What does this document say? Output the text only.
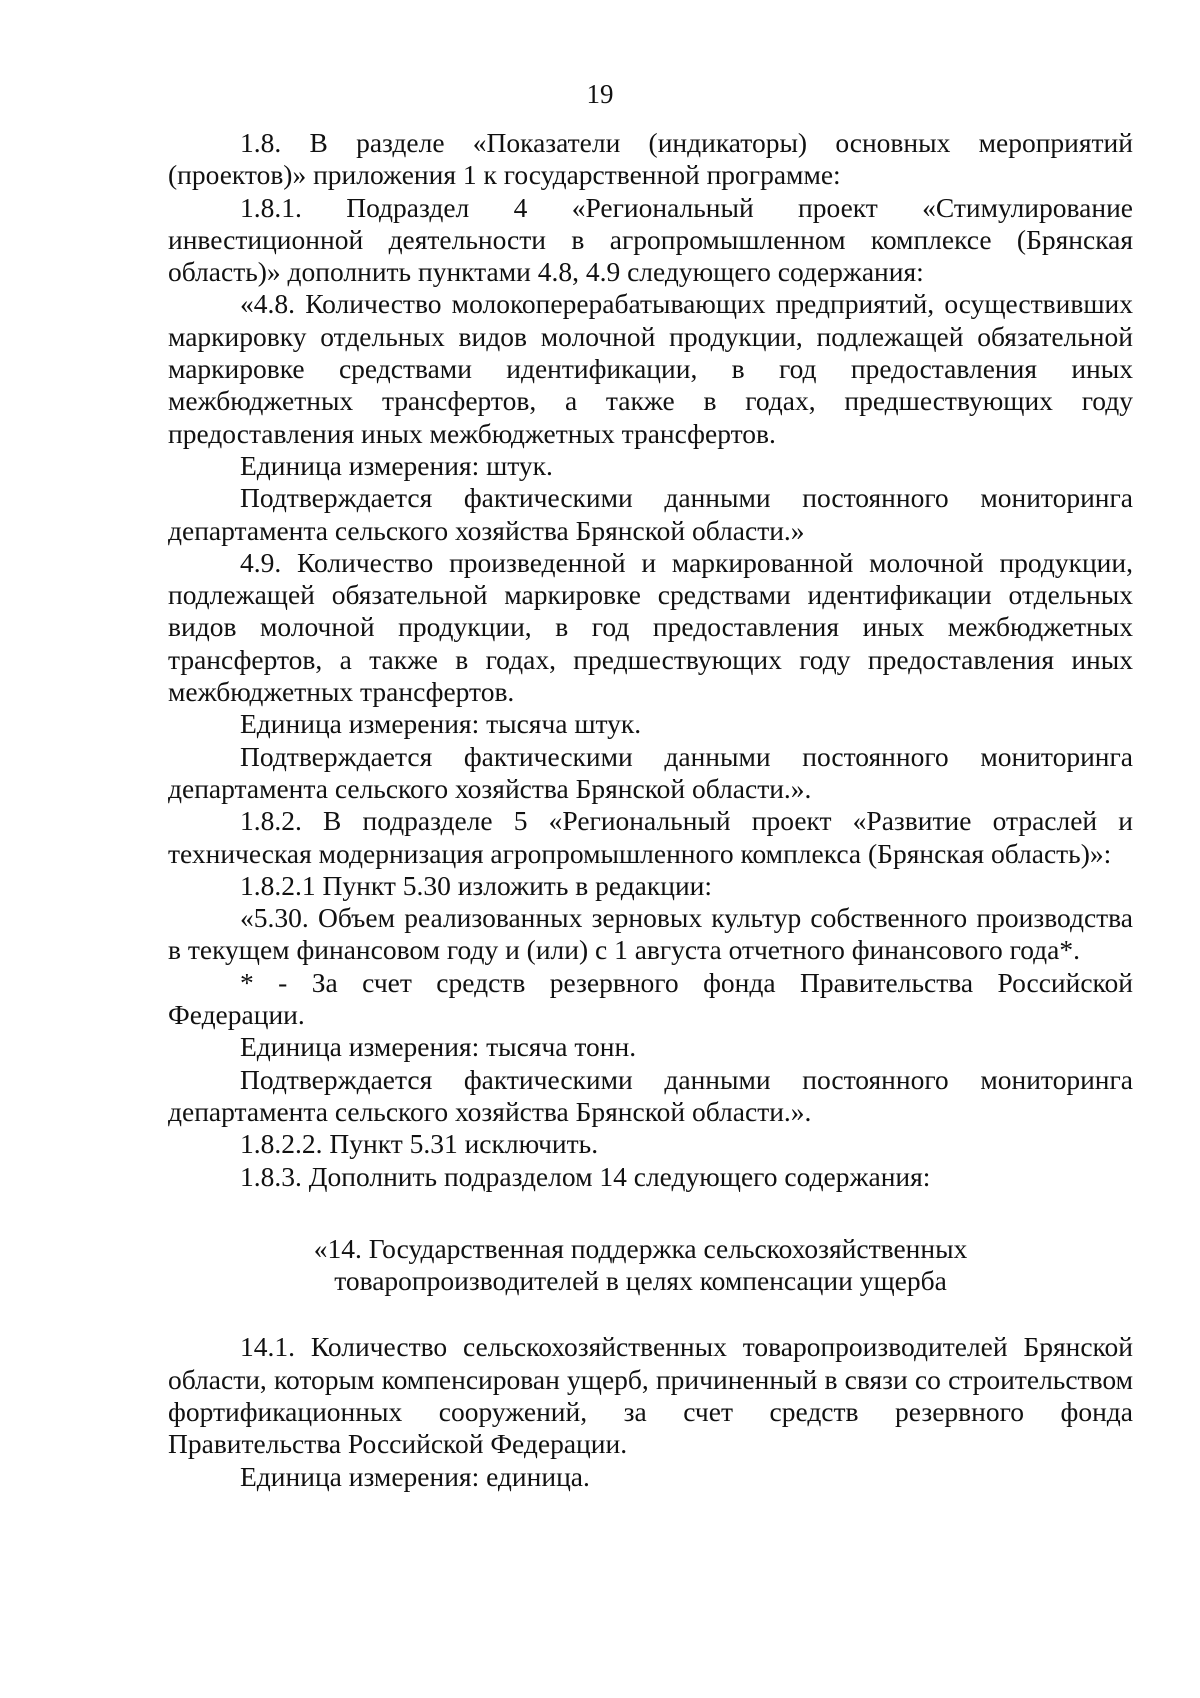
19

1.8. В разделе «Показатели (индикаторы) основных мероприятий (проектов)» приложения 1 к государственной программе:

1.8.1. Подраздел 4 «Региональный проект «Стимулирование инвестиционной деятельности в агропромышленном комплексе (Брянская область)» дополнить пунктами 4.8, 4.9 следующего содержания:

«4.8. Количество молокоперерабатывающих предприятий, осуществивших маркировку отдельных видов молочной продукции, подлежащей обязательной маркировке средствами идентификации, в год предоставления иных межбюджетных трансфертов, а также в годах, предшествующих году предоставления иных межбюджетных трансфертов.

Единица измерения: штук.

Подтверждается фактическими данными постоянного мониторинга департамента сельского хозяйства Брянской области.»

4.9. Количество произведенной и маркированной молочной продукции, подлежащей обязательной маркировке средствами идентификации отдельных видов молочной продукции, в год предоставления иных межбюджетных трансфертов, а также в годах, предшествующих году предоставления иных межбюджетных трансфертов.

Единица измерения: тысяча штук.

Подтверждается фактическими данными постоянного мониторинга департамента сельского хозяйства Брянской области.».

1.8.2. В подразделе 5 «Региональный проект «Развитие отраслей и техническая модернизация агропромышленного комплекса (Брянская область)»:

1.8.2.1 Пункт 5.30 изложить в редакции:

«5.30. Объем реализованных зерновых культур собственного производства в текущем финансовом году и (или) с 1 августа отчетного финансового года*.

* - За счет средств резервного фонда Правительства Российской Федерации.

Единица измерения: тысяча тонн.

Подтверждается фактическими данными постоянного мониторинга департамента сельского хозяйства Брянской области.».

1.8.2.2. Пункт 5.31 исключить.

1.8.3. Дополнить подразделом 14 следующего содержания:

«14. Государственная поддержка сельскохозяйственных
товаропроизводителей в целях компенсации ущерба

14.1. Количество сельскохозяйственных товаропроизводителей Брянской области, которым компенсирован ущерб, причиненный в связи со строительством фортификационных сооружений, за счет средств резервного фонда Правительства Российской Федерации.

Единица измерения: единица.
